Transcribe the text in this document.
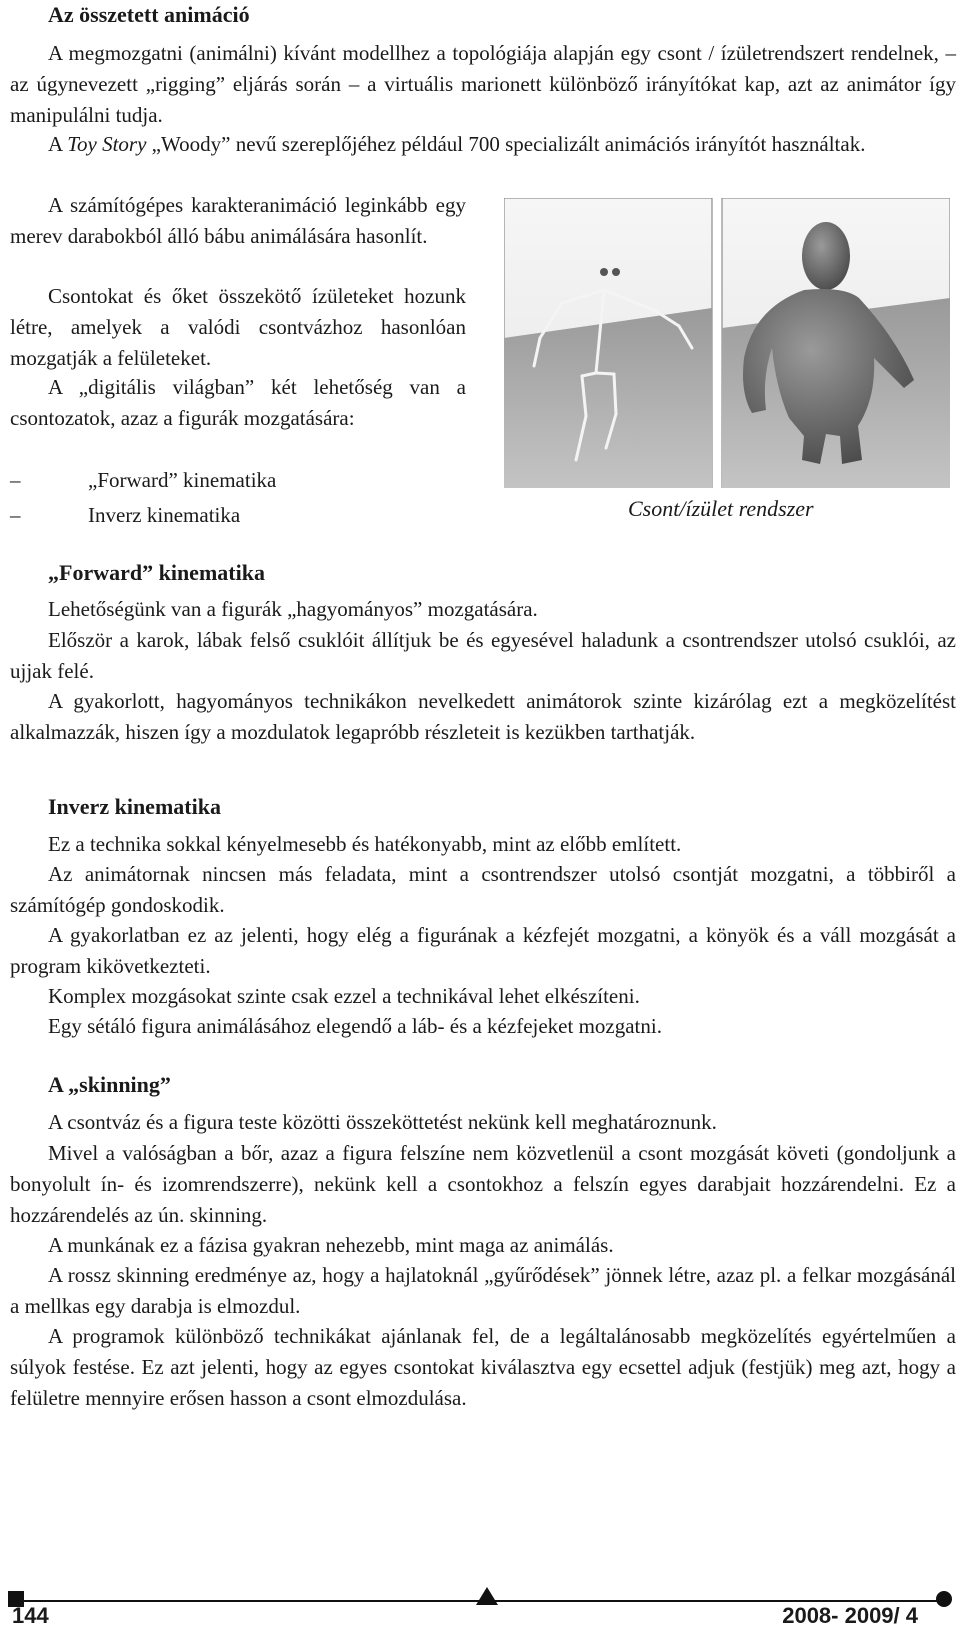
Az összetett animáció

A megmozgatni (animálni) kívánt modellhez a topológiája alapján egy csont / ízületrendszert rendelnek, – az úgynevezett „rigging” eljárás során – a virtuális marionett különböző irányítókat kap, azt az animátor így manipulálni tudja.

A Toy Story „Woody” nevű szereplőjéhez például 700 specializált animációs irányítót használtak.

A számítógépes karakteranimáció leginkább egy merev darabokból álló bábu animálására hasonlít.

Csontokat és őket összekötő ízületeket hozunk létre, amelyek a valódi csontvázhoz hasonlóan mozgatják a felületeket.

A „digitális világban” két lehetőség van a csontozatok, azaz a figurák mozgatására:

–	„Forward” kinematika
–	Inverz kinematika	Csont/ízület rendszer
„Forward” kinematika

Lehetőségünk van a figurák „hagyományos” mozgatására.

Először a karok, lábak felső csuklóit állítjuk be és egyesével haladunk a csontrendszer utolsó csuklói, az ujjak felé.

A gyakorlott, hagyományos technikákon nevelkedett animátorok szinte kizárólag ezt a megközelítést alkalmazzák, hiszen így a mozdulatok legapróbb részleteit is kezükben tarthatják.

Inverz kinematika

Ez a technika sokkal kényelmesebb és hatékonyabb, mint az előbb említett.

Az animátornak nincsen más feladata, mint a csontrendszer utolsó csontját mozgatni, a többiről a számítógép gondoskodik.

A gyakorlatban ez az jelenti, hogy elég a figurának a kézfejét mozgatni, a könyök és a váll mozgását a program kikövetkezteti.

Komplex mozgásokat szinte csak ezzel a technikával lehet elkészíteni.

Egy sétáló figura animálásához elegendő a láb- és a kézfejeket mozgatni.

A „skinning”

A csontváz és a figura teste közötti összeköttetést nekünk kell meghatároznunk.

Mivel a valóságban a bőr, azaz a figura felszíne nem közvetlenül a csont mozgását követi (gondoljunk a bonyolult ín- és izomrendszerre), nekünk kell a csontokhoz a felszín egyes darabjait hozzárendelni. Ez a hozzárendelés az ún. skinning.

A munkának ez a fázisa gyakran nehezebb, mint maga az animálás.

A rossz skinning eredménye az, hogy a hajlatoknál „gyűrődések” jönnek létre, azaz pl. a felkar mozgásánál a mellkas egy darabja is elmozdul.

A programok különböző technikákat ajánlanak fel, de a legáltalánosabb megközelítés egyértelműen a súlyok festése. Ez azt jelenti, hogy az egyes csontokat kiválasztva egy ecsettel adjuk (festjük) meg azt, hogy a felületre mennyire erősen hasson a csont elmozdulása.

144	2008- 2009/ 4
